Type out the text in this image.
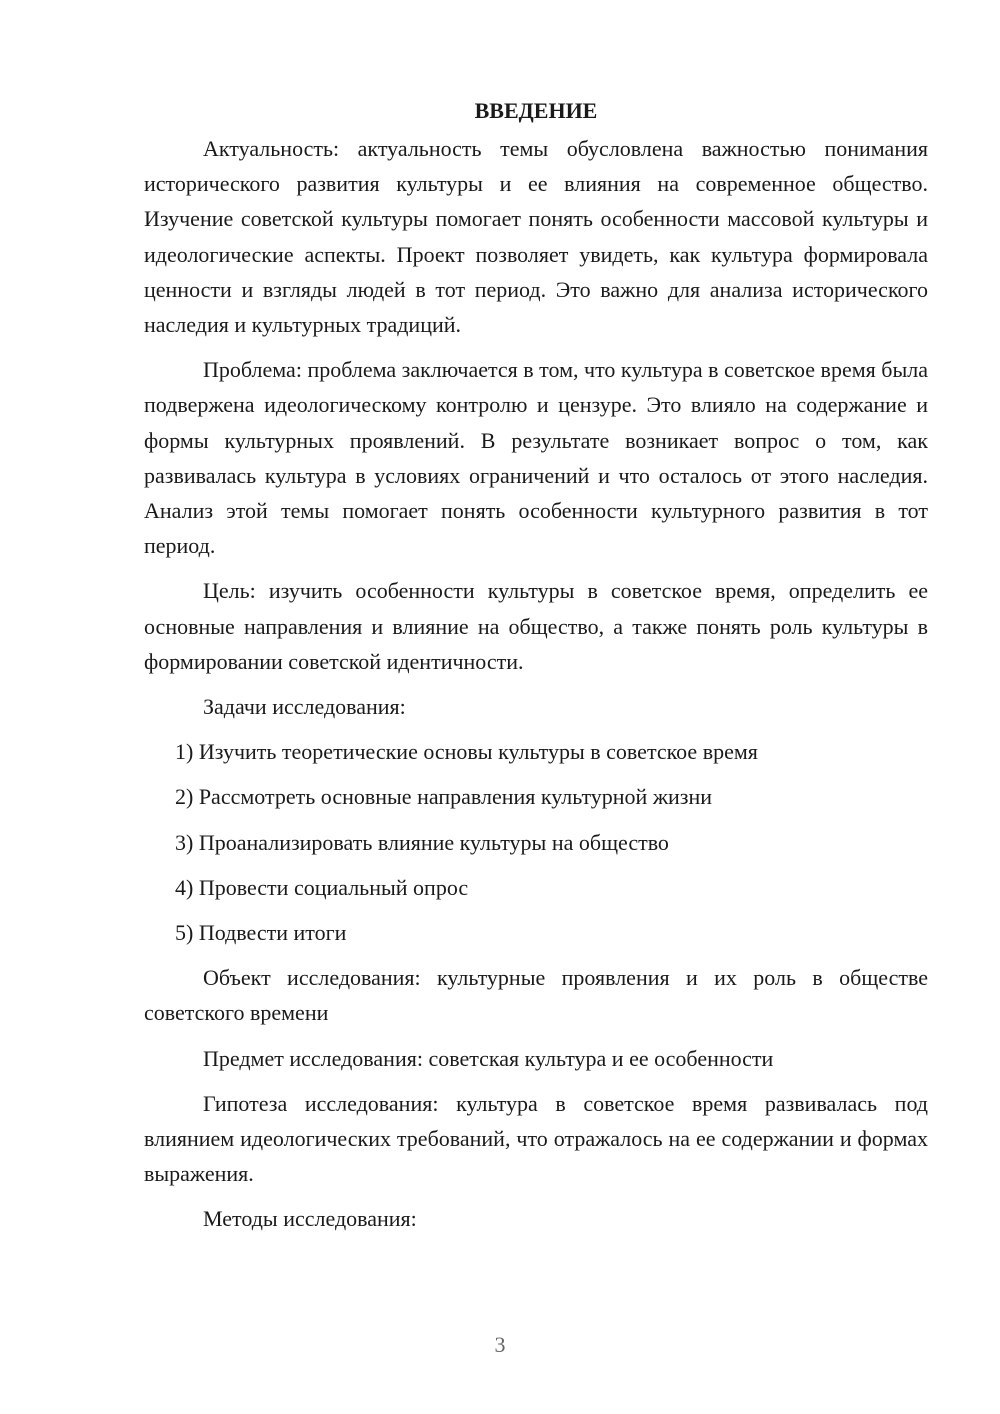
ВВЕДЕНИЕ

Актуальность: актуальность темы обусловлена важностью понимания исторического развития культуры и ее влияния на современное общество. Изучение советской культуры помогает понять особенности массовой культуры и идеологические аспекты. Проект позволяет увидеть, как культура формировала ценности и взгляды людей в тот период. Это важно для анализа исторического наследия и культурных традиций.

Проблема: проблема заключается в том, что культура в советское время была подвержена идеологическому контролю и цензуре. Это влияло на содержание и формы культурных проявлений. В результате возникает вопрос о том, как развивалась культура в условиях ограничений и что осталось от этого наследия. Анализ этой темы помогает понять особенности культурного развития в тот период.

Цель: изучить особенности культуры в советское время, определить ее основные направления и влияние на общество, а также понять роль культуры в формировании советской идентичности.

Задачи исследования:

1) Изучить теоретические основы культуры в советское время
2) Рассмотреть основные направления культурной жизни
3) Проанализировать влияние культуры на общество
4) Провести социальный опрос
5) Подвести итоги

Объект исследования: культурные проявления и их роль в обществе советского времени

Предмет исследования: советская культура и ее особенности

Гипотеза исследования: культура в советское время развивалась под влиянием идеологических требований, что отражалось на ее содержании и формах выражения.

Методы исследования:

3
